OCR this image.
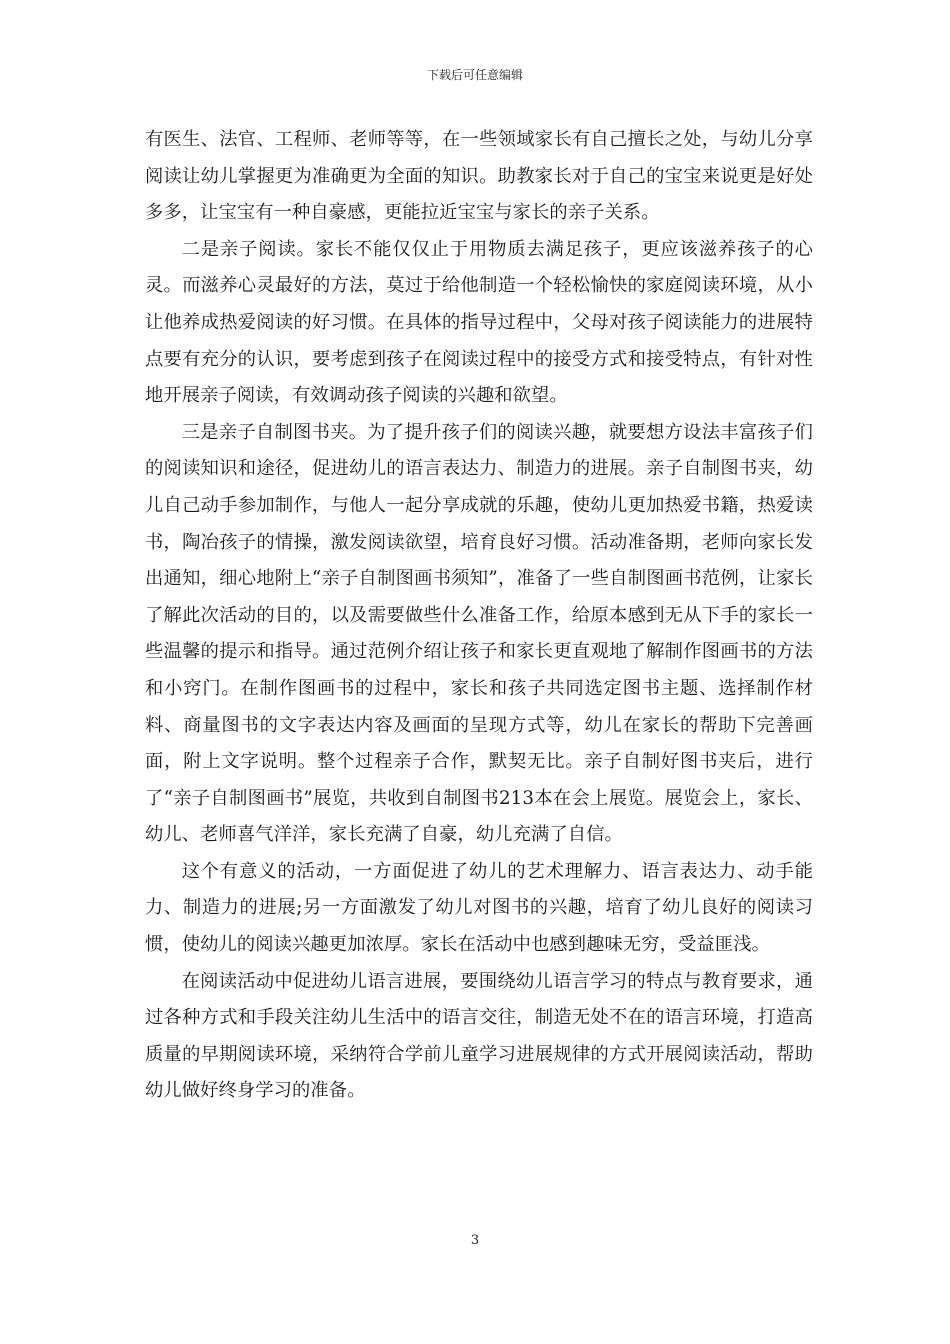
下载后可任意编辑

有医生、法官、工程师、老师等等，在一些领域家长有自己擅长之处，与幼儿分享阅读让幼儿掌握更为准确更为全面的知识。助教家长对于自己的宝宝来说更是好处多多，让宝宝有一种自豪感，更能拉近宝宝与家长的亲子关系。

二是亲子阅读。家长不能仅仅止于用物质去满足孩子，更应该滋养孩子的心灵。而滋养心灵最好的方法，莫过于给他制造一个轻松愉快的家庭阅读环境，从小让他养成热爱阅读的好习惯。在具体的指导过程中，父母对孩子阅读能力的进展特点要有充分的认识，要考虑到孩子在阅读过程中的接受方式和接受特点，有针对性地开展亲子阅读，有效调动孩子阅读的兴趣和欲望。

三是亲子自制图书夹。为了提升孩子们的阅读兴趣，就要想方设法丰富孩子们的阅读知识和途径，促进幼儿的语言表达力、制造力的进展。亲子自制图书夹，幼儿自己动手参加制作，与他人一起分享成就的乐趣，使幼儿更加热爱书籍，热爱读书，陶冶孩子的情操，激发阅读欲望，培育良好习惯。活动准备期，老师向家长发出通知，细心地附上“亲子自制图画书须知”，准备了一些自制图画书范例，让家长了解此次活动的目的，以及需要做些什么准备工作，给原本感到无从下手的家长一些温馨的提示和指导。通过范例介绍让孩子和家长更直观地了解制作图画书的方法和小窍门。在制作图画书的过程中，家长和孩子共同选定图书主题、选择制作材料、商量图书的文字表达内容及画面的呈现方式等，幼儿在家长的帮助下完善画面，附上文字说明。整个过程亲子合作，默契无比。亲子自制好图书夹后，进行了“亲子自制图画书”展览，共收到自制图书213本在会上展览。展览会上，家长、幼儿、老师喜气洋洋，家长充满了自豪，幼儿充满了自信。

这个有意义的活动，一方面促进了幼儿的艺术理解力、语言表达力、动手能力、制造力的进展;另一方面激发了幼儿对图书的兴趣，培育了幼儿良好的阅读习惯，使幼儿的阅读兴趣更加浓厚。家长在活动中也感到趣味无穷，受益匪浅。

在阅读活动中促进幼儿语言进展，要围绕幼儿语言学习的特点与教育要求，通过各种方式和手段关注幼儿生活中的语言交往，制造无处不在的语言环境，打造高质量的早期阅读环境，采纳符合学前儿童学习进展规律的方式开展阅读活动，帮助幼儿做好终身学习的准备。

3
